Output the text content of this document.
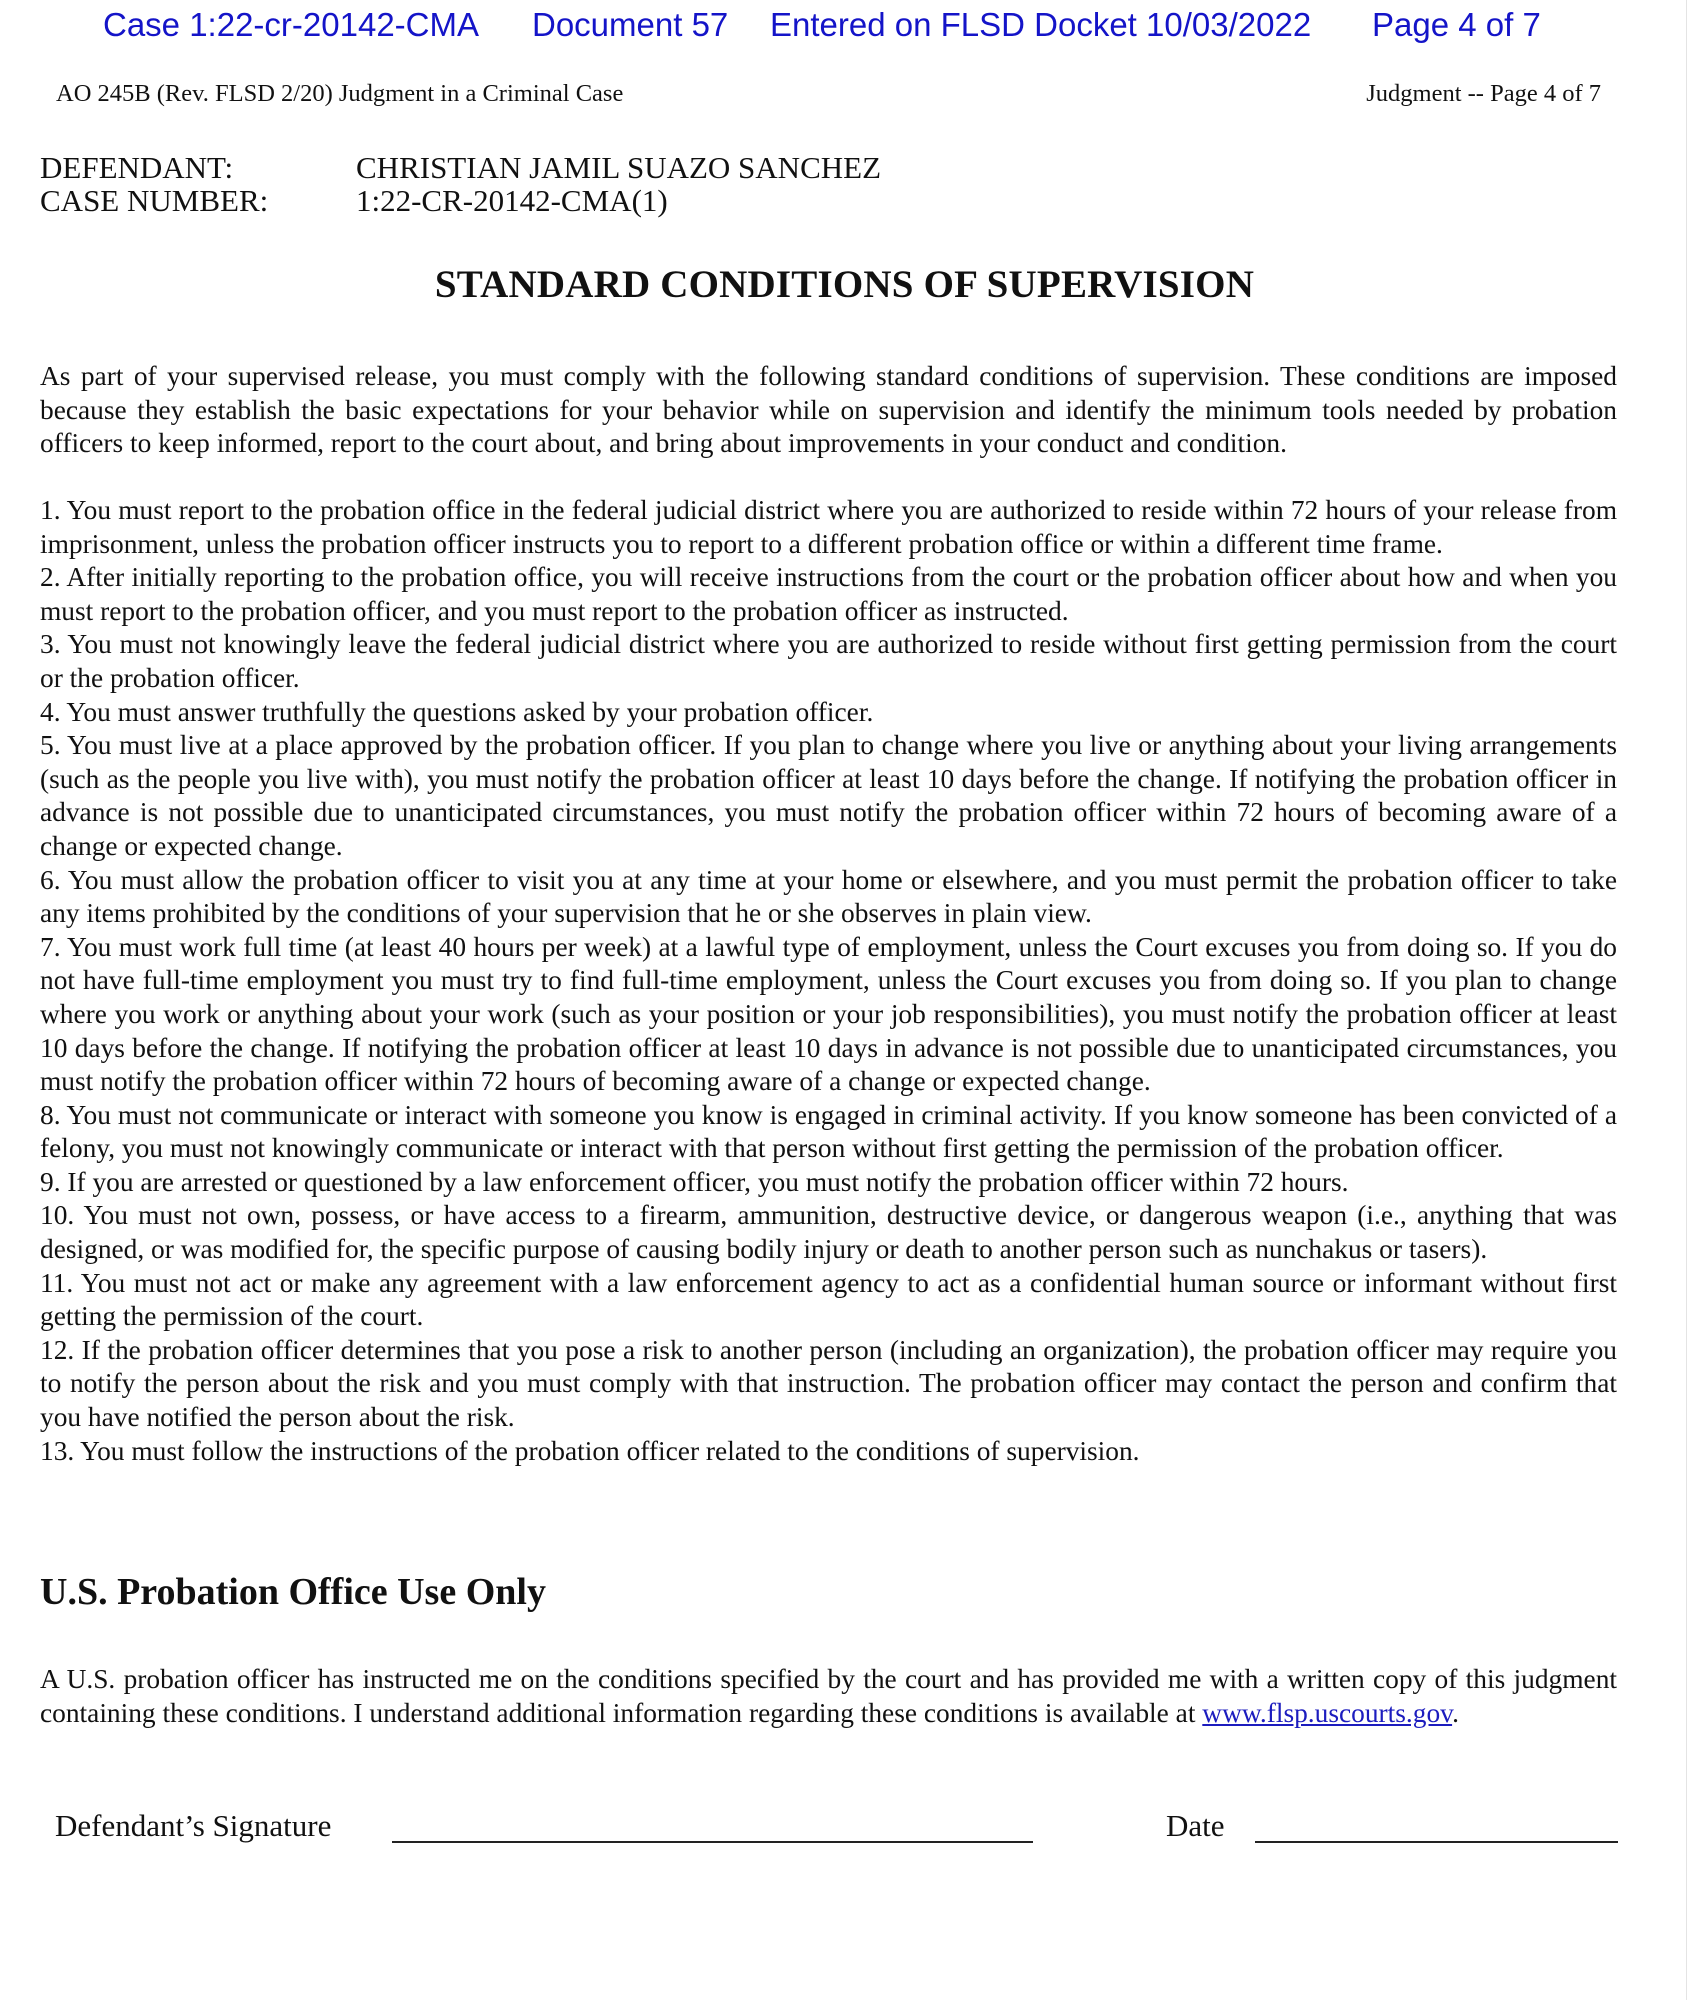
Case 1:22-cr-20142-CMA

Document 57

Entered on FLSD Docket 10/03/2022

Page 4 of 7

AO 245B (Rev. FLSD 2/20) Judgment in a Criminal Case	Judgment -- Page 4 of 7
DEFENDANT:	CHRISTIAN JAMIL SUAZO SANCHEZ
CASE NUMBER:	1:22-CR-20142-CMA(1)
STANDARD CONDITIONS OF SUPERVISION

As part of your supervised release, you must comply with the following standard conditions of supervision. These conditions are imposed because they establish the basic expectations for your behavior while on supervision and identify the minimum tools needed by probation officers to keep informed, report to the court about, and bring about improvements in your conduct and condition.

1. You must report to the probation office in the federal judicial district where you are authorized to reside within 72 hours of your release from imprisonment, unless the probation officer instructs you to report to a different probation office or within a different time frame.

2. After initially reporting to the probation office, you will receive instructions from the court or the probation officer about how and when you must report to the probation officer, and you must report to the probation officer as instructed.

3. You must not knowingly leave the federal judicial district where you are authorized to reside without first getting permission from the court or the probation officer.

4. You must answer truthfully the questions asked by your probation officer.

5. You must live at a place approved by the probation officer. If you plan to change where you live or anything about your living arrangements (such as the people you live with), you must notify the probation officer at least 10 days before the change. If notifying the probation officer in advance is not possible due to unanticipated circumstances, you must notify the probation officer within 72 hours of becoming aware of a change or expected change.

6. You must allow the probation officer to visit you at any time at your home or elsewhere, and you must permit the probation officer to take any items prohibited by the conditions of your supervision that he or she observes in plain view.

7. You must work full time (at least 40 hours per week) at a lawful type of employment, unless the Court excuses you from doing so. If you do not have full-time employment you must try to find full-time employment, unless the Court excuses you from doing so. If you plan to change where you work or anything about your work (such as your position or your job responsibilities), you must notify the probation officer at least 10 days before the change. If notifying the probation officer at least 10 days in advance is not possible due to unanticipated circumstances, you must notify the probation officer within 72 hours of becoming aware of a change or expected change.

8. You must not communicate or interact with someone you know is engaged in criminal activity. If you know someone has been convicted of a felony, you must not knowingly communicate or interact with that person without first getting the permission of the probation officer.

9. If you are arrested or questioned by a law enforcement officer, you must notify the probation officer within 72 hours.

10. You must not own, possess, or have access to a firearm, ammunition, destructive device, or dangerous weapon (i.e., anything that was designed, or was modified for, the specific purpose of causing bodily injury or death to another person such as nunchakus or tasers).

11. You must not act or make any agreement with a law enforcement agency to act as a confidential human source or informant without first getting the permission of the court.

12. If the probation officer determines that you pose a risk to another person (including an organization), the probation officer may require you to notify the person about the risk and you must comply with that instruction. The probation officer may contact the person and confirm that you have notified the person about the risk.

13. You must follow the instructions of the probation officer related to the conditions of supervision.

U.S. Probation Office Use Only

A U.S. probation officer has instructed me on the conditions specified by the court and has provided me with a written copy of this judgment containing these conditions. I understand additional information regarding these conditions is available at www.flsp.uscourts.gov.

Defendant’s Signature	Date
